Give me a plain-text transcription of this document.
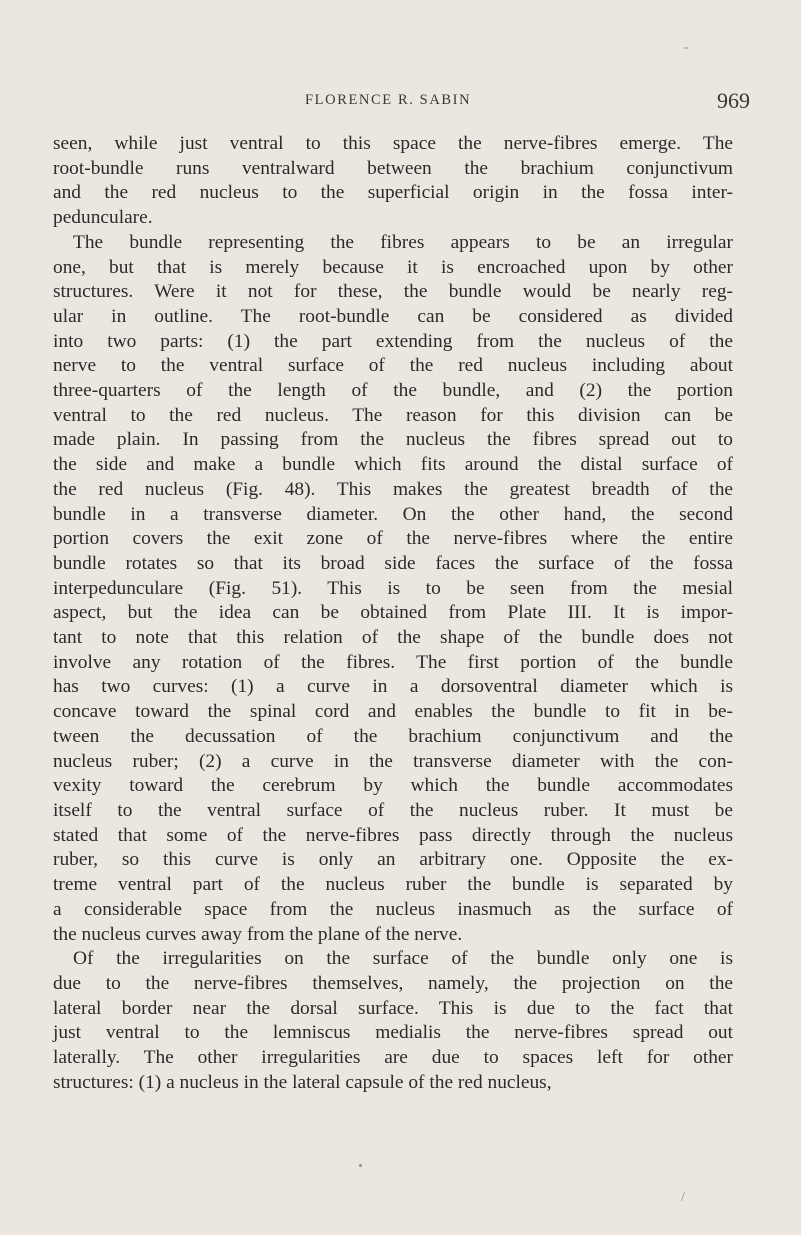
-
FLORENCE R. SABIN	969

seen, while just ventral to this space the nerve-fibres emerge. The
root-bundle runs ventralward between the brachium conjunctivum
and the red nucleus to the superficial origin in the fossa inter-
pedunculare.

The bundle representing the fibres appears to be an irregular
one, but that is merely because it is encroached upon by other
structures. Were it not for these, the bundle would be nearly reg-
ular in outline. The root-bundle can be considered as divided
into two parts: (1) the part extending from the nucleus of the
nerve to the ventral surface of the red nucleus including about
three-quarters of the length of the bundle, and (2) the portion
ventral to the red nucleus. The reason for this division can be
made plain. In passing from the nucleus the fibres spread out to
the side and make a bundle which fits around the distal surface of
the red nucleus (Fig. 48). This makes the greatest breadth of the
bundle in a transverse diameter. On the other hand, the second
portion covers the exit zone of the nerve-fibres where the entire
bundle rotates so that its broad side faces the surface of the fossa
interpedunculare (Fig. 51). This is to be seen from the mesial
aspect, but the idea can be obtained from Plate III. It is impor-
tant to note that this relation of the shape of the bundle does not
involve any rotation of the fibres. The first portion of the bundle
has two curves: (1) a curve in a dorsoventral diameter which is
concave toward the spinal cord and enables the bundle to fit in be-
tween the decussation of the brachium conjunctivum and the
nucleus ruber; (2) a curve in the transverse diameter with the con-
vexity toward the cerebrum by which the bundle accommodates
itself to the ventral surface of the nucleus ruber. It must be
stated that some of the nerve-fibres pass directly through the nucleus
ruber, so this curve is only an arbitrary one. Opposite the ex-
treme ventral part of the nucleus ruber the bundle is separated by
a considerable space from the nucleus inasmuch as the surface of
the nucleus curves away from the plane of the nerve.

Of the irregularities on the surface of the bundle only one is
due to the nerve-fibres themselves, namely, the projection on the
lateral border near the dorsal surface. This is due to the fact that
just ventral to the lemniscus medialis the nerve-fibres spread out
laterally. The other irregularities are due to spaces left for other
structures: (1) a nucleus in the lateral capsule of the red nucleus,

/
